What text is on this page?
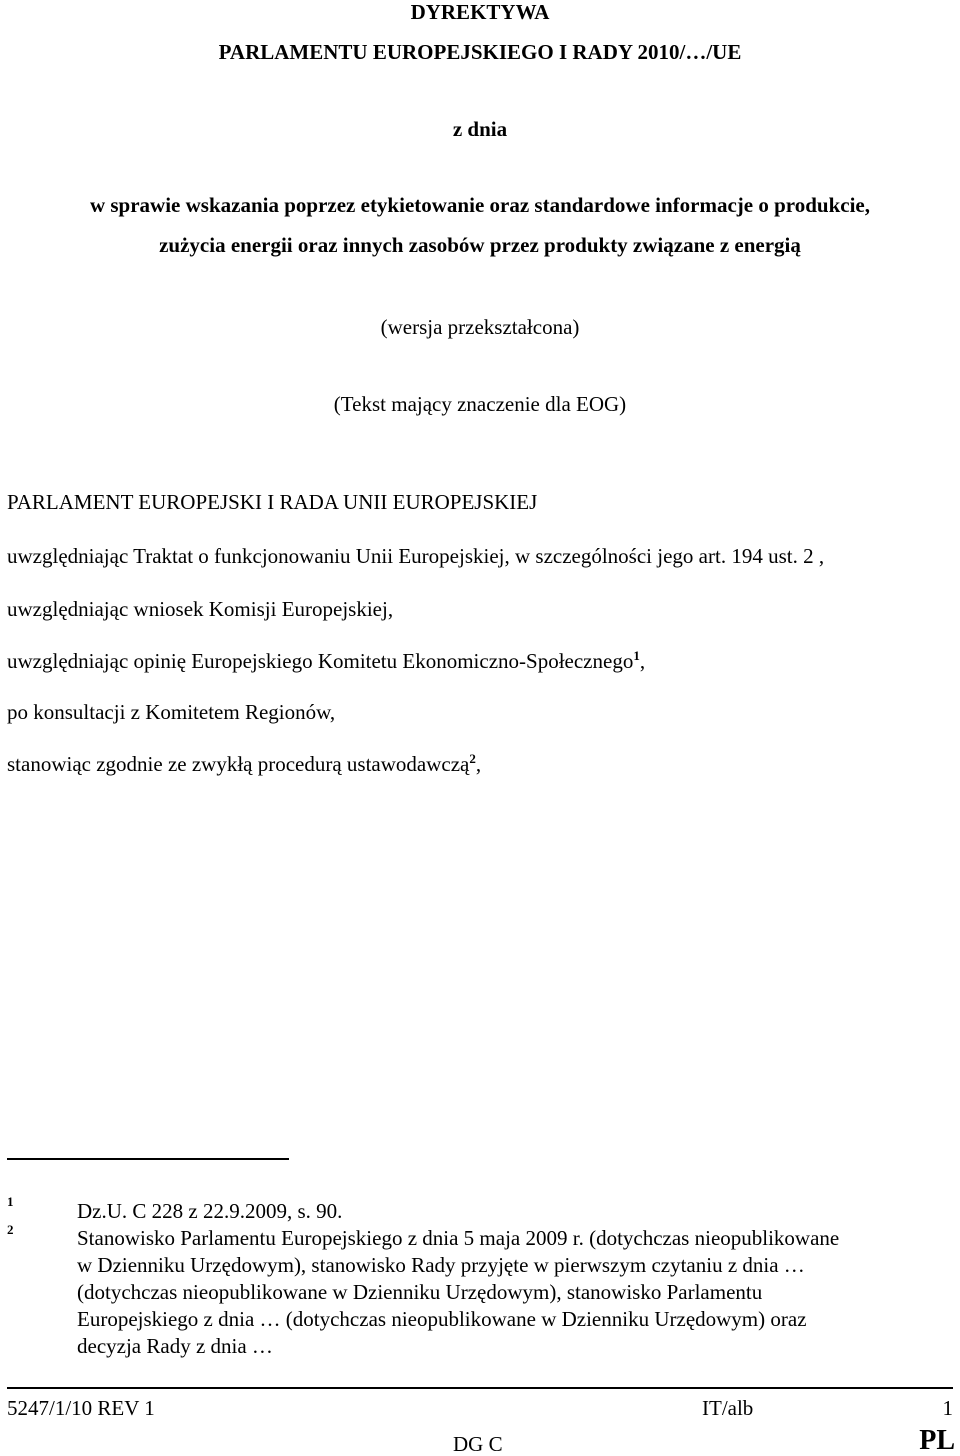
DYREKTYWA
PARLAMENTU EUROPEJSKIEGO I RADY 2010/…/UE
z dnia
w sprawie wskazania poprzez etykietowanie oraz standardowe informacje o produkcie,
zużycia energii oraz innych zasobów przez produkty związane z energią
(wersja przekształcona)
(Tekst mający znaczenie dla EOG)
PARLAMENT EUROPEJSKI I RADA UNII EUROPEJSKIEJ
uwzględniając Traktat o funkcjonowaniu Unii Europejskiej, w szczególności jego art. 194 ust. 2 ,
uwzględniając wniosek Komisji Europejskiej,
uwzględniając opinię Europejskiego Komitetu Ekonomiczno-Społecznego$^1$,
po konsultacji z Komitetem Regionów,
stanowiąc zgodnie ze zwykłą procedurą ustawodawczą$^2$,
1	Dz.U. C 228 z 22.9.2009, s. 90.
2	Stanowisko Parlamentu Europejskiego z dnia 5 maja 2009 r. (dotychczas nieopublikowane
w Dzienniku Urzędowym), stanowisko Rady przyjęte w pierwszym czytaniu z dnia …
(dotychczas nieopublikowane w Dzienniku Urzędowym), stanowisko Parlamentu
Europejskiego z dnia … (dotychczas nieopublikowane w Dzienniku Urzędowym) oraz
decyzja Rady z dnia …
5247/1/10 REV 1	IT/alb	1
DG C	PL
